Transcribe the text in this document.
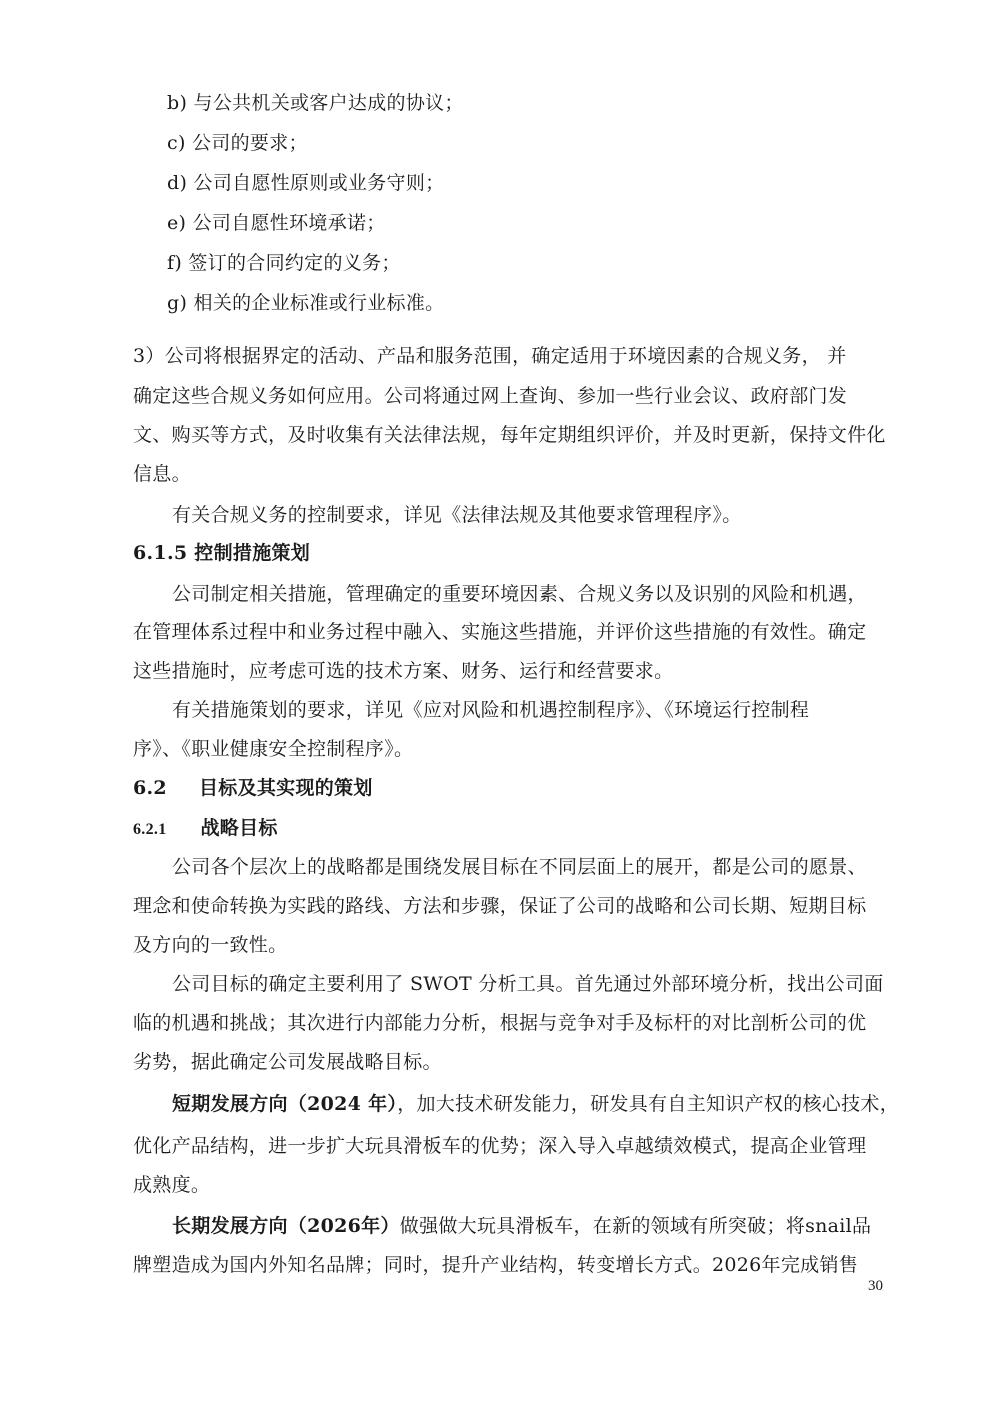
b) 与公共机关或客户达成的协议；
c) 公司的要求；
d) 公司自愿性原则或业务守则；
e) 公司自愿性环境承诺；
f) 签订的合同约定的义务；
g) 相关的企业标准或行业标准。
3）公司将根据界定的活动、产品和服务范围，确定适用于环境因素的合规义务， 并
确定这些合规义务如何应用。公司将通过网上查询、参加一些行业会议、政府部门发
文、购买等方式，及时收集有关法律法规，每年定期组织评价，并及时更新，保持文件化
信息。
有关合规义务的控制要求，详见《法律法规及其他要求管理程序》。
6.1.5 控制措施策划
公司制定相关措施，管理确定的重要环境因素、合规义务以及识别的风险和机遇，
在管理体系过程中和业务过程中融入、实施这些措施，并评价这些措施的有效性。确定
这些措施时，应考虑可选的技术方案、财务、运行和经营要求。
有关措施策划的要求，详见《应对风险和机遇控制程序》、《环境运行控制程
序》、《职业健康安全控制程序》。
6.2 目标及其实现的策划
6.2.1 战略目标
公司各个层次上的战略都是围绕发展目标在不同层面上的展开，都是公司的愿景、
理念和使命转换为实践的路线、方法和步骤，保证了公司的战略和公司长期、短期目标
及方向的一致性。
公司目标的确定主要利用了 SWOT 分析工具。首先通过外部环境分析，找出公司面
临的机遇和挑战；其次进行内部能力分析，根据与竞争对手及标杆的对比剖析公司的优
劣势，据此确定公司发展战略目标。
短期发展方向（2024 年），加大技术研发能力，研发具有自主知识产权的核心技术，
优化产品结构，进一步扩大玩具滑板车的优势；深入导入卓越绩效模式，提高企业管理
成熟度。
长期发展方向（2026年）做强做大玩具滑板车，在新的领域有所突破；将snail品
牌塑造成为国内外知名品牌；同时，提升产业结构，转变增长方式。2026年完成销售
30
